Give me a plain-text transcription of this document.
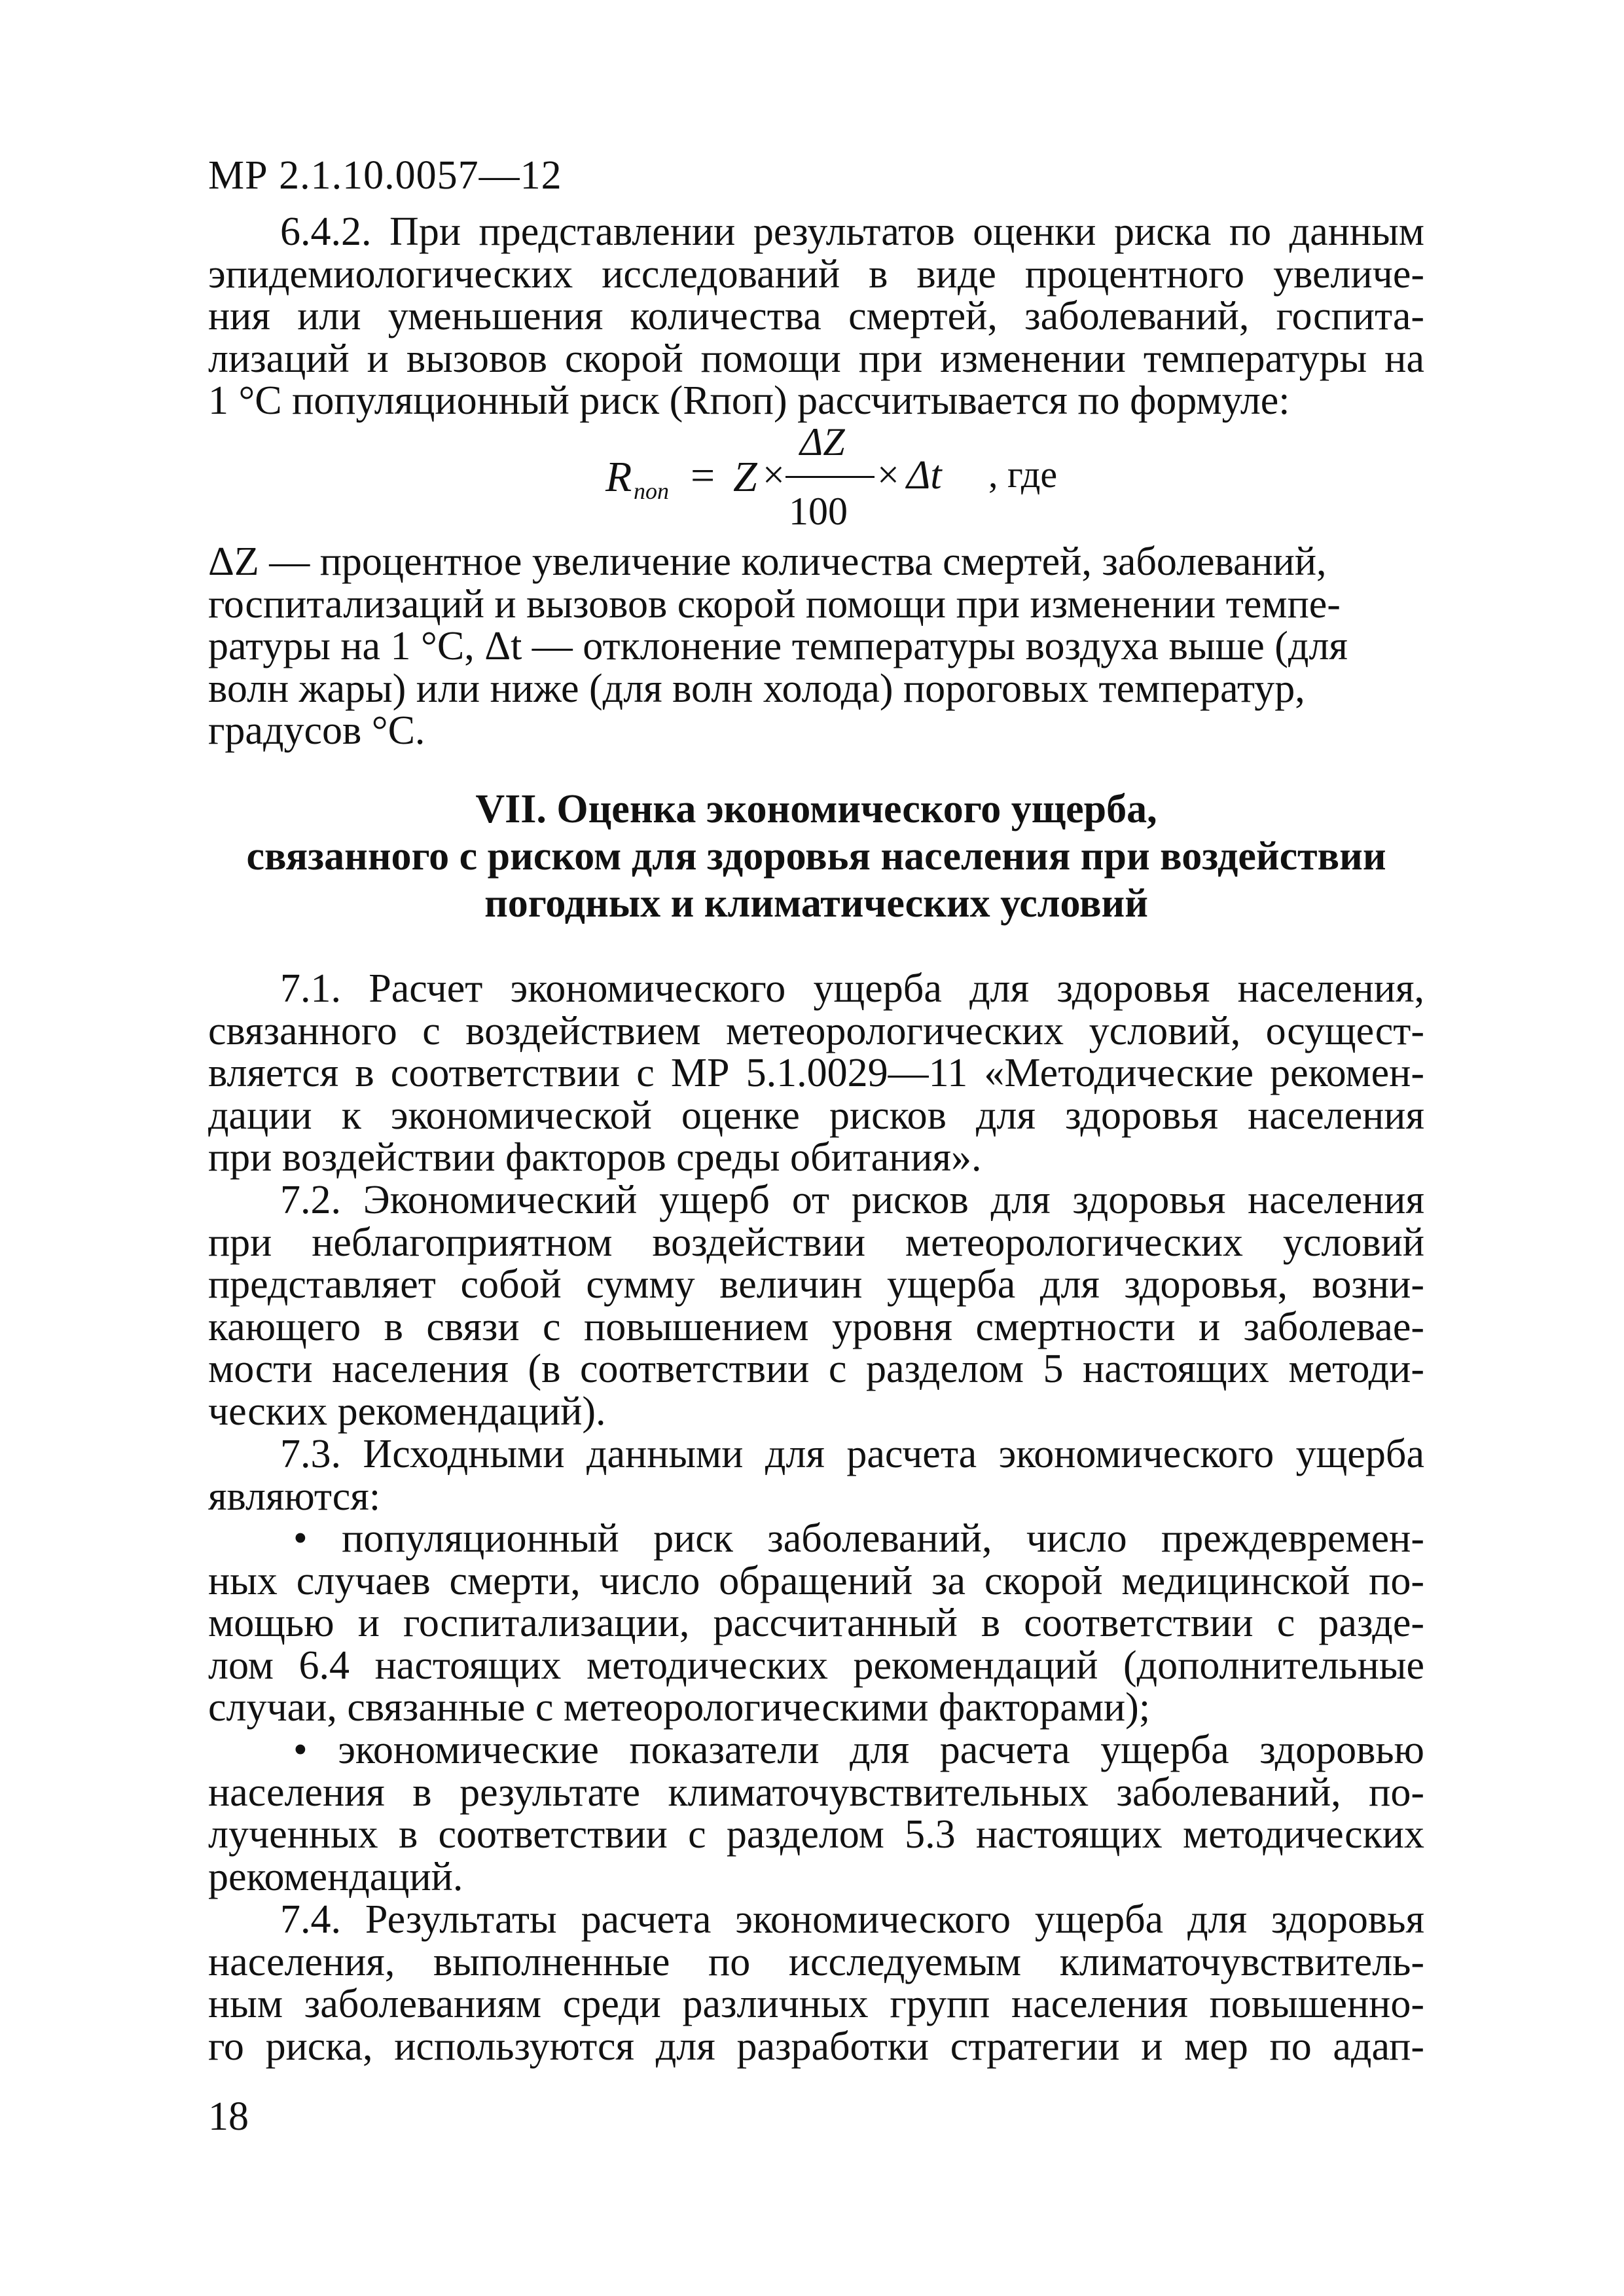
МР 2.1.10.0057—12
6.4.2. При представлении результатов оценки риска по данным
эпидемиологических исследований в виде процентного увеличе-
ния или уменьшения количества смертей, заболеваний, госпита-
лизаций и вызовов скорой помощи при изменении температуры на
1 °С популяционный риск (Rпоп) рассчитывается по формуле:
R поп = Z ×
ΔZ
100
× Δt , где
ΔZ — процентное увеличение количества смертей, заболеваний,
госпитализаций и вызовов скорой помощи при изменении темпе-
ратуры на 1 °С, Δt — отклонение температуры воздуха выше (для
волн жары) или ниже (для волн холода) пороговых температур,
градусов °С.
VII. Оценка экономического ущерба,
связанного с риском для здоровья населения при воздействии
погодных и климатических условий
7.1. Расчет экономического ущерба для здоровья населения,
связанного с воздействием метеорологических условий, осущест-
вляется в соответствии с МР 5.1.0029—11 «Методические рекомен-
дации к экономической оценке рисков для здоровья населения
при воздействии факторов среды обитания».
7.2. Экономический ущерб от рисков для здоровья населения
при неблагоприятном воздействии метеорологических условий
представляет собой сумму величин ущерба для здоровья, возни-
кающего в связи с повышением уровня смертности и заболевае-
мости населения (в соответствии с разделом 5 настоящих методи-
ческих рекомендаций).
7.3. Исходными данными для расчета экономического ущерба
являются:
• популяционный риск заболеваний, число преждевремен-
ных случаев смерти, число обращений за скорой медицинской по-
мощью и госпитализации, рассчитанный в соответствии с разде-
лом 6.4 настоящих методических рекомендаций (дополнительные
случаи, связанные с метеорологическими факторами);
• экономические показатели для расчета ущерба здоровью
населения в результате климаточувствительных заболеваний, по-
лученных в соответствии с разделом 5.3 настоящих методических
рекомендаций.
7.4. Результаты расчета экономического ущерба для здоровья
населения, выполненные по исследуемым климаточувствитель-
ным заболеваниям среди различных групп населения повышенно-
го риска, используются для разработки стратегии и мер по адап-
18
